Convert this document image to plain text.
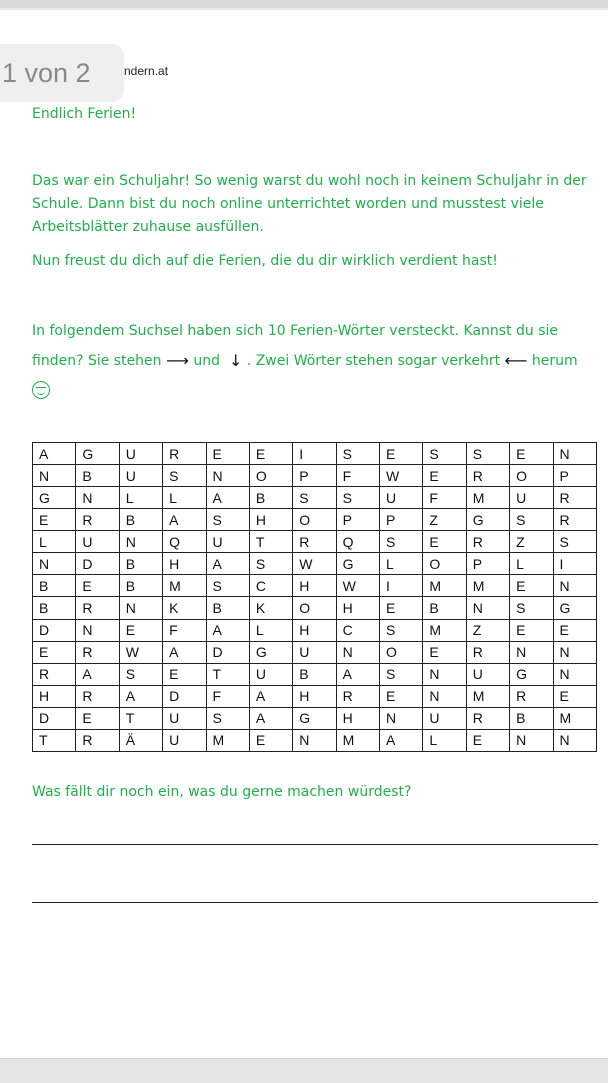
ndern.at
Endlich Ferien!
Das war ein Schuljahr! So wenig warst du wohl noch in keinem Schuljahr in der Schule. Dann bist du noch online unterrichtet worden und musstest viele Arbeitsblätter zuhause ausfüllen.
Nun freust du dich auf die Ferien, die du dir wirklich verdient hast!
In folgendem Suchsel haben sich 10 Ferien-Wörter versteckt. Kannst du sie finden? Sie stehen ⟶ und ↓ . Zwei Wörter stehen sogar verkehrt ⟵ herum
A	G	U	R	E	E	I	S	E	S	S	E	N
N	B	U	S	N	O	P	F	W	E	R	O	P
G	N	L	L	A	B	S	S	U	F	M	U	R
E	R	B	A	S	H	O	P	P	Z	G	S	R
L	U	N	Q	U	T	R	Q	S	E	R	Z	S
N	D	B	H	A	S	W	G	L	O	P	L	I
B	E	B	M	S	C	H	W	I	M	M	E	N
B	R	N	K	B	K	O	H	E	B	N	S	G
D	N	E	F	A	L	H	C	S	M	Z	E	E
E	R	W	A	D	G	U	N	O	E	R	N	N
R	A	S	E	T	U	B	A	S	N	U	G	N
H	R	A	D	F	A	H	R	E	N	M	R	E
D	E	T	U	S	A	G	H	N	U	R	B	M
T	R	Ä	U	M	E	N	M	A	L	E	N	N
Was fällt dir noch ein, was du gerne machen würdest?
1 von 2
